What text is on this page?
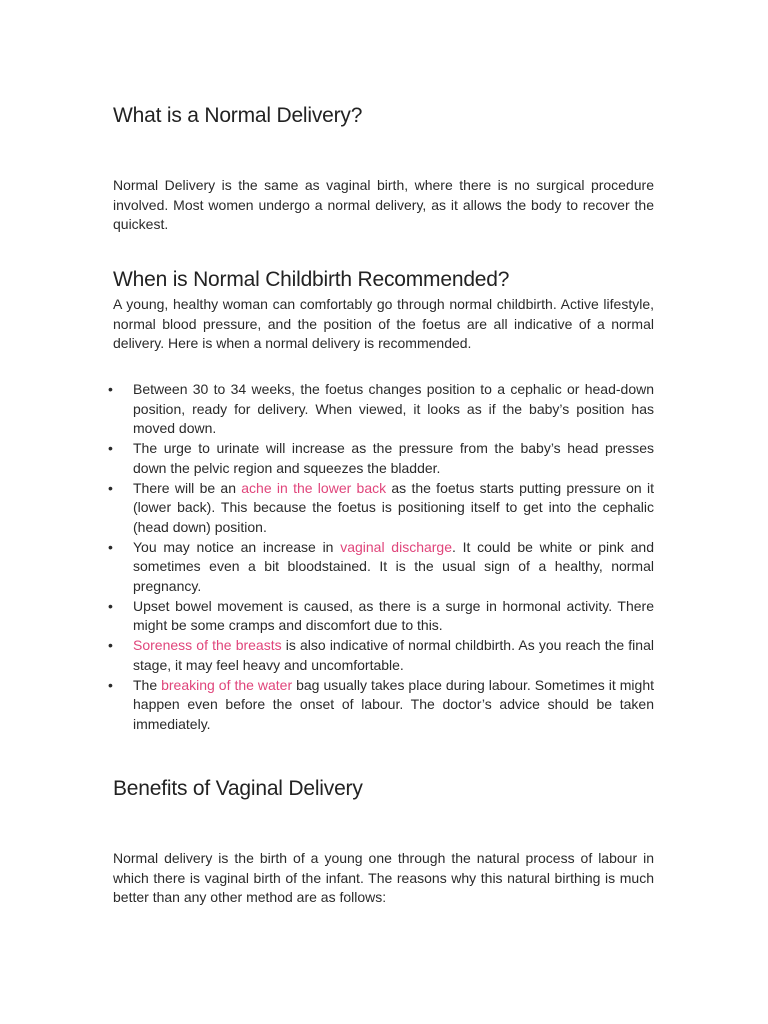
What is a Normal Delivery?

Normal Delivery is the same as vaginal birth, where there is no surgical procedure involved. Most women undergo a normal delivery, as it allows the body to recover the quickest.

When is Normal Childbirth Recommended?

A young, healthy woman can comfortably go through normal childbirth. Active lifestyle, normal blood pressure, and the position of the foetus are all indicative of a normal delivery. Here is when a normal delivery is recommended.

• Between 30 to 34 weeks, the foetus changes position to a cephalic or head-down position, ready for delivery. When viewed, it looks as if the baby’s position has moved down.
• The urge to urinate will increase as the pressure from the baby’s head presses down the pelvic region and squeezes the bladder.
• There will be an ache in the lower back as the foetus starts putting pressure on it (lower back). This because the foetus is positioning itself to get into the cephalic (head down) position.
• You may notice an increase in vaginal discharge. It could be white or pink and sometimes even a bit bloodstained. It is the usual sign of a healthy, normal pregnancy.
• Upset bowel movement is caused, as there is a surge in hormonal activity. There might be some cramps and discomfort due to this.
• Soreness of the breasts is also indicative of normal childbirth. As you reach the final stage, it may feel heavy and uncomfortable.
• The breaking of the water bag usually takes place during labour. Sometimes it might happen even before the onset of labour. The doctor’s advice should be taken immediately.
Benefits of Vaginal Delivery

Normal delivery is the birth of a young one through the natural process of labour in which there is vaginal birth of the infant. The reasons why this natural birthing is much better than any other method are as follows:
